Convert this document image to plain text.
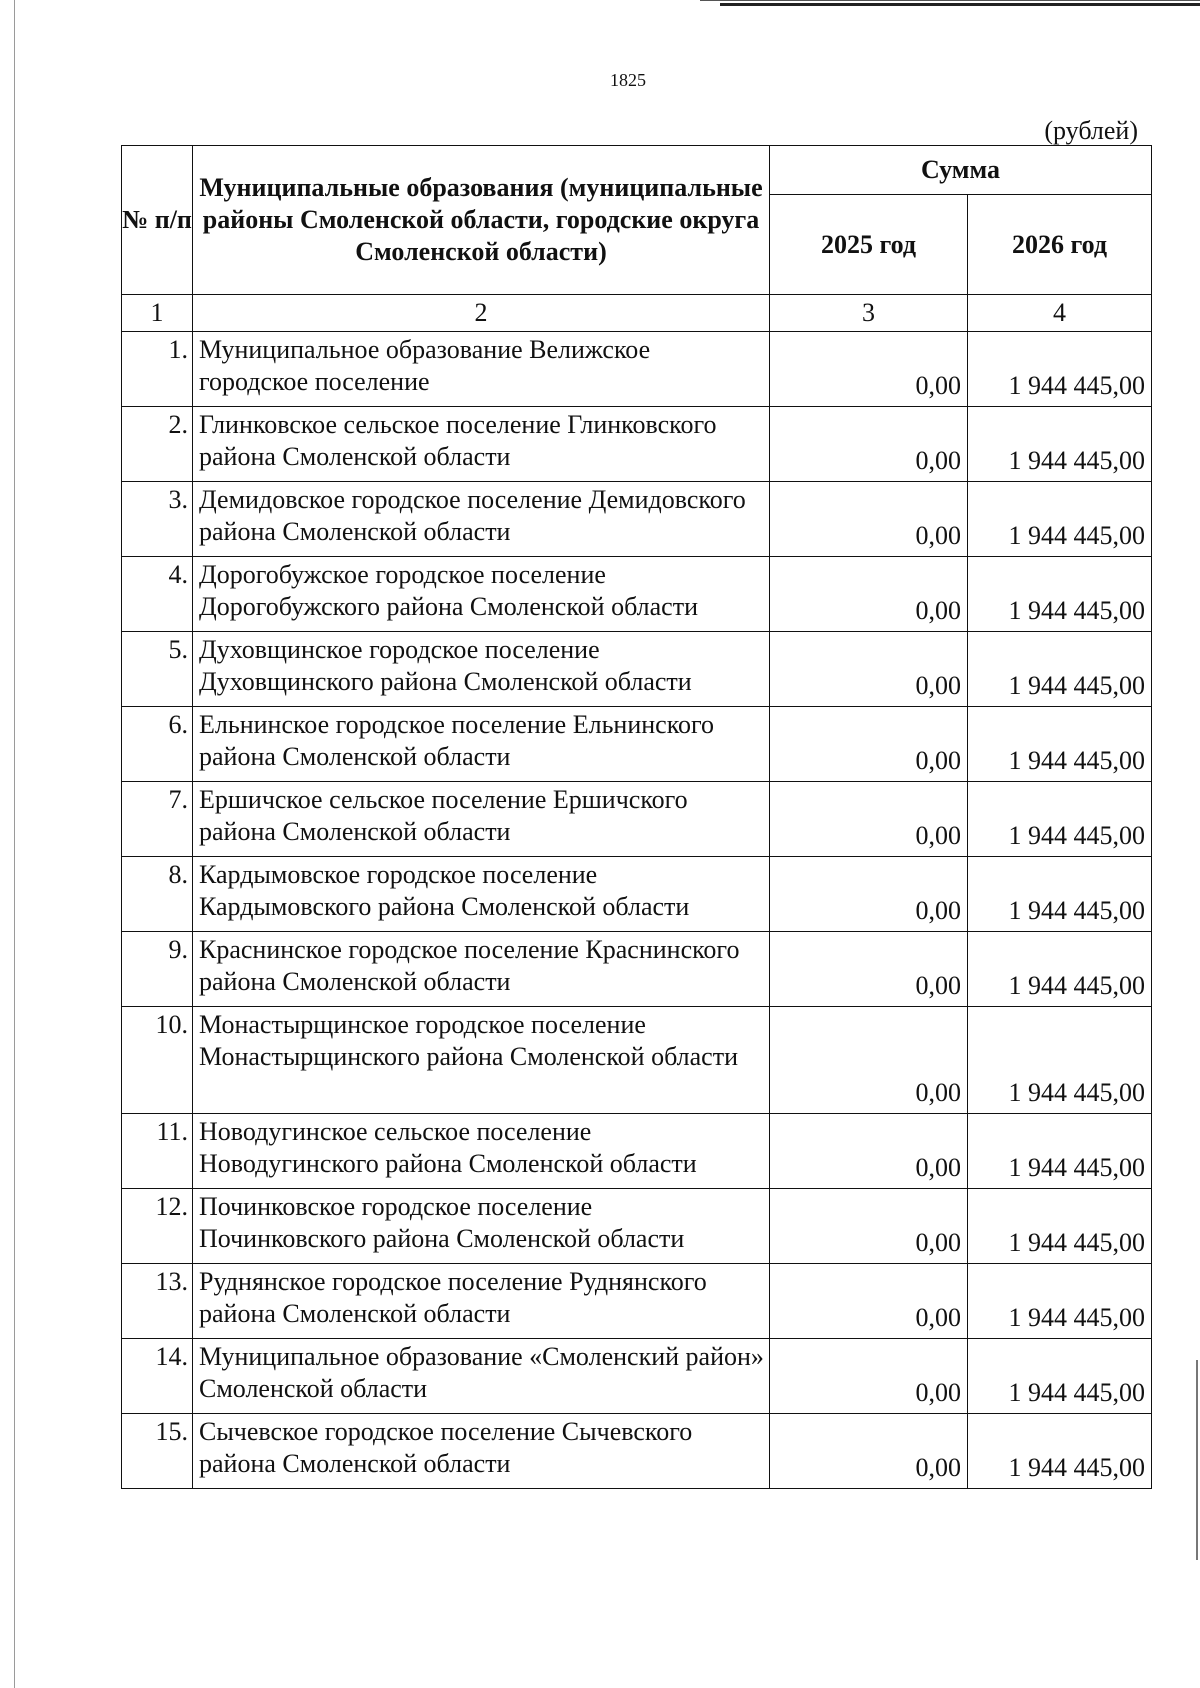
1825
(рублей)
№ п/п	Муниципальные образования (муниципальные районы Смоленской области, городские округа Смоленской области)	Сумма	
		2025 год	2026 год
1	2	3	4
1.	Муниципальное образование Велижское городское поселение	0,00	1 944 445,00
2.	Глинковское сельское поселение Глинковского района Смоленской области	0,00	1 944 445,00
3.	Демидовское городское поселение Демидовского района Смоленской области	0,00	1 944 445,00
4.	Дорогобужское городское поселение Дорогобужского района Смоленской области	0,00	1 944 445,00
5.	Духовщинское городское поселение Духовщинского района Смоленской области	0,00	1 944 445,00
6.	Ельнинское городское поселение Ельнинского района Смоленской области	0,00	1 944 445,00
7.	Ершичское сельское поселение Ершичского района Смоленской области	0,00	1 944 445,00
8.	Кардымовское городское поселение Кардымовского района Смоленской области	0,00	1 944 445,00
9.	Краснинское городское поселение Краснинского района Смоленской области	0,00	1 944 445,00
10.	Монастырщинское городское поселение Монастырщинского района Смоленской области	0,00	1 944 445,00
11.	Новодугинское сельское поселение Новодугинского района Смоленской области	0,00	1 944 445,00
12.	Починковское городское поселение Починковского района Смоленской области	0,00	1 944 445,00
13.	Руднянское городское поселение Руднянского района Смоленской области	0,00	1 944 445,00
14.	Муниципальное образование «Смоленский район» Смоленской области	0,00	1 944 445,00
15.	Сычевское городское поселение Сычевского района Смоленской области	0,00	1 944 445,00
